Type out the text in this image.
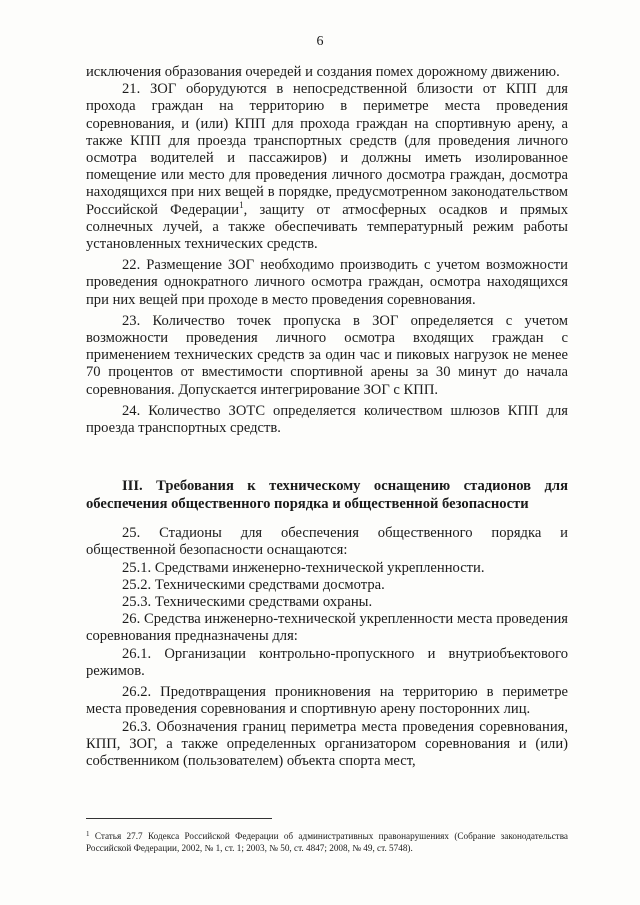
6

исключения образования очередей и создания помех дорожному движению.

21. ЗОГ оборудуются в непосредственной близости от КПП для прохода граждан на территорию в периметре места проведения соревнования, и (или) КПП для прохода граждан на спортивную арену, а также КПП для проезда транспортных средств (для проведения личного осмотра водителей и пассажиров) и должны иметь изолированное помещение или место для проведения личного досмотра граждан, досмотра находящихся при них вещей в порядке, предусмотренном законодательством Российской Федерации$^1$, защиту от атмосферных осадков и прямых солнечных лучей, а также обеспечивать температурный режим работы установленных технических средств.

22. Размещение ЗОГ необходимо производить с учетом возможности проведения однократного личного осмотра граждан, осмотра находящихся при них вещей при проходе в место проведения соревнования.

23. Количество точек пропуска в ЗОГ определяется с учетом возможности проведения личного осмотра входящих граждан с применением технических средств за один час и пиковых нагрузок не менее 70 процентов от вместимости спортивной арены за 30 минут до начала соревнования. Допускается интегрирование ЗОГ с КПП.

24. Количество ЗОТС определяется количеством шлюзов КПП для проезда транспортных средств.

III. Требования к техническому оснащению стадионов для обеспечения общественного порядка и общественной безопасности

25. Стадионы для обеспечения общественного порядка и общественной безопасности оснащаются:

25.1. Средствами инженерно-технической укрепленности.

25.2. Техническими средствами досмотра.

25.3. Техническими средствами охраны.

26. Средства инженерно-технической укрепленности места проведения соревнования предназначены для:

26.1. Организации контрольно-пропускного и внутриобъектового режимов.

26.2. Предотвращения проникновения на территорию в периметре места проведения соревнования и спортивную арену посторонних лиц.

26.3. Обозначения границ периметра места проведения соревнования, КПП, ЗОГ, а также определенных организатором соревнования и (или) собственником (пользователем) объекта спорта мест,

$^1$ Статья 27.7 Кодекса Российской Федерации об административных правонарушениях (Собрание законодательства Российской Федерации, 2002, № 1, ст. 1; 2003, № 50, ст. 4847; 2008, № 49, ст. 5748).
